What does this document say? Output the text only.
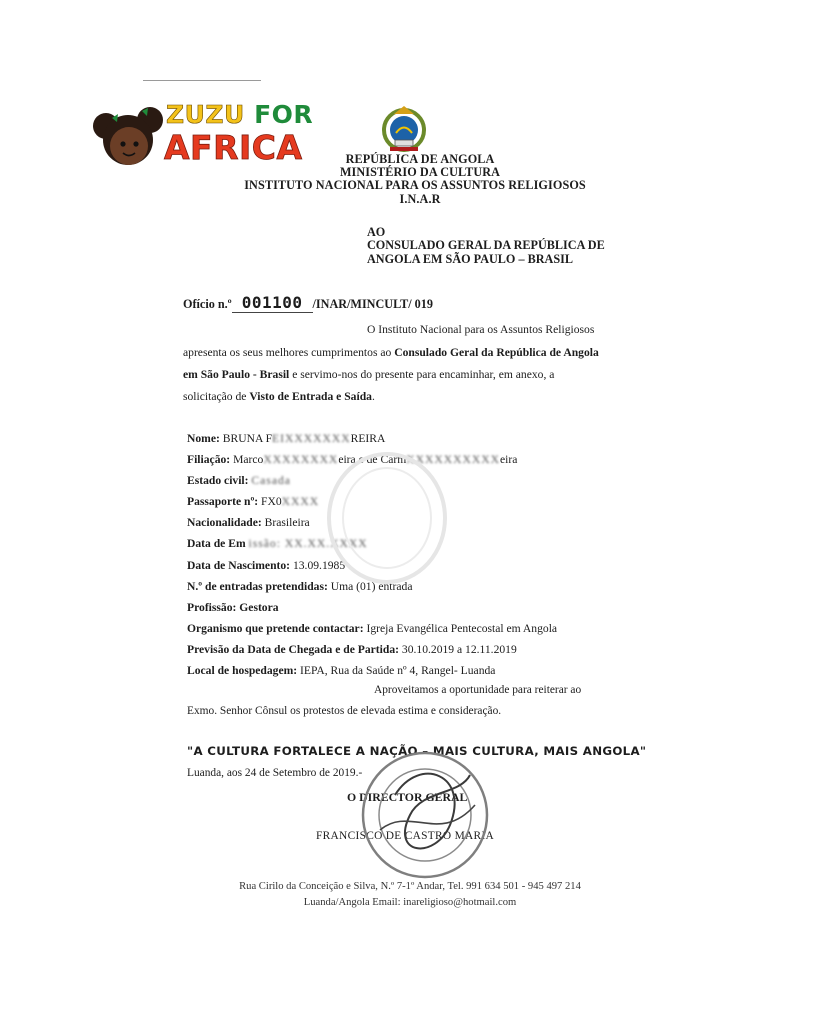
ZUZU FOR
AFRICA	REPÚBLICA DE ANGOLA
MINISTÉRIO DA CULTURA
INSTITUTO NACIONAL PARA OS ASSUNTOS RELIGIOSOS
I.N.A.R
AO
CONSULADO GERAL DA REPÚBLICA DE
ANGOLA EM SÃO PAULO – BRASIL
Ofício n.º 001100 /INAR/MINCULT/ 019
O Instituto Nacional para os Assuntos Religiosos
apresenta os seus melhores cumprimentos ao Consulado Geral da República de Angola
em São Paulo - Brasil e servimo-nos do presente para encaminhar, em anexo, a
solicitação de Visto de Entrada e Saída.
Nome: BRUNA FEIXXXXXXXREIRA
Filiação: MarcoXXXXXXXXeira e de CarmXXXXXXXXXXeira
Estado civil: Casada
Passaporte nº: FX0XXXX
Nacionalidade: Brasileira
Data de Em issão: XX.XX.XXXX
Data de Nascimento: 13.09.1985
N.º de entradas pretendidas: Uma (01) entrada
Profissão: Gestora
Organismo que pretende contactar: Igreja Evangélica Pentecostal em Angola
Previsão da Data de Chegada e de Partida: 30.10.2019 a 12.11.2019
Local de hospedagem: IEPA, Rua da Saúde nº 4, Rangel- Luanda
Aproveitamos a oportunidade para reiterar ao
Exmo. Senhor Cônsul os protestos de elevada estima e consideração.
"A CULTURA FORTALECE A NAÇÃO – MAIS CULTURA, MAIS ANGOLA"
Luanda, aos 24 de Setembro de 2019.-
O DIRECTOR GERAL
FRANCISCO DE CASTRO MARIA
Rua Cirilo da Conceição e Silva, N.º 7-1º Andar, Tel. 991 634 501 - 945 497 214
Luanda/Angola Email: inareligioso@hotmail.com
